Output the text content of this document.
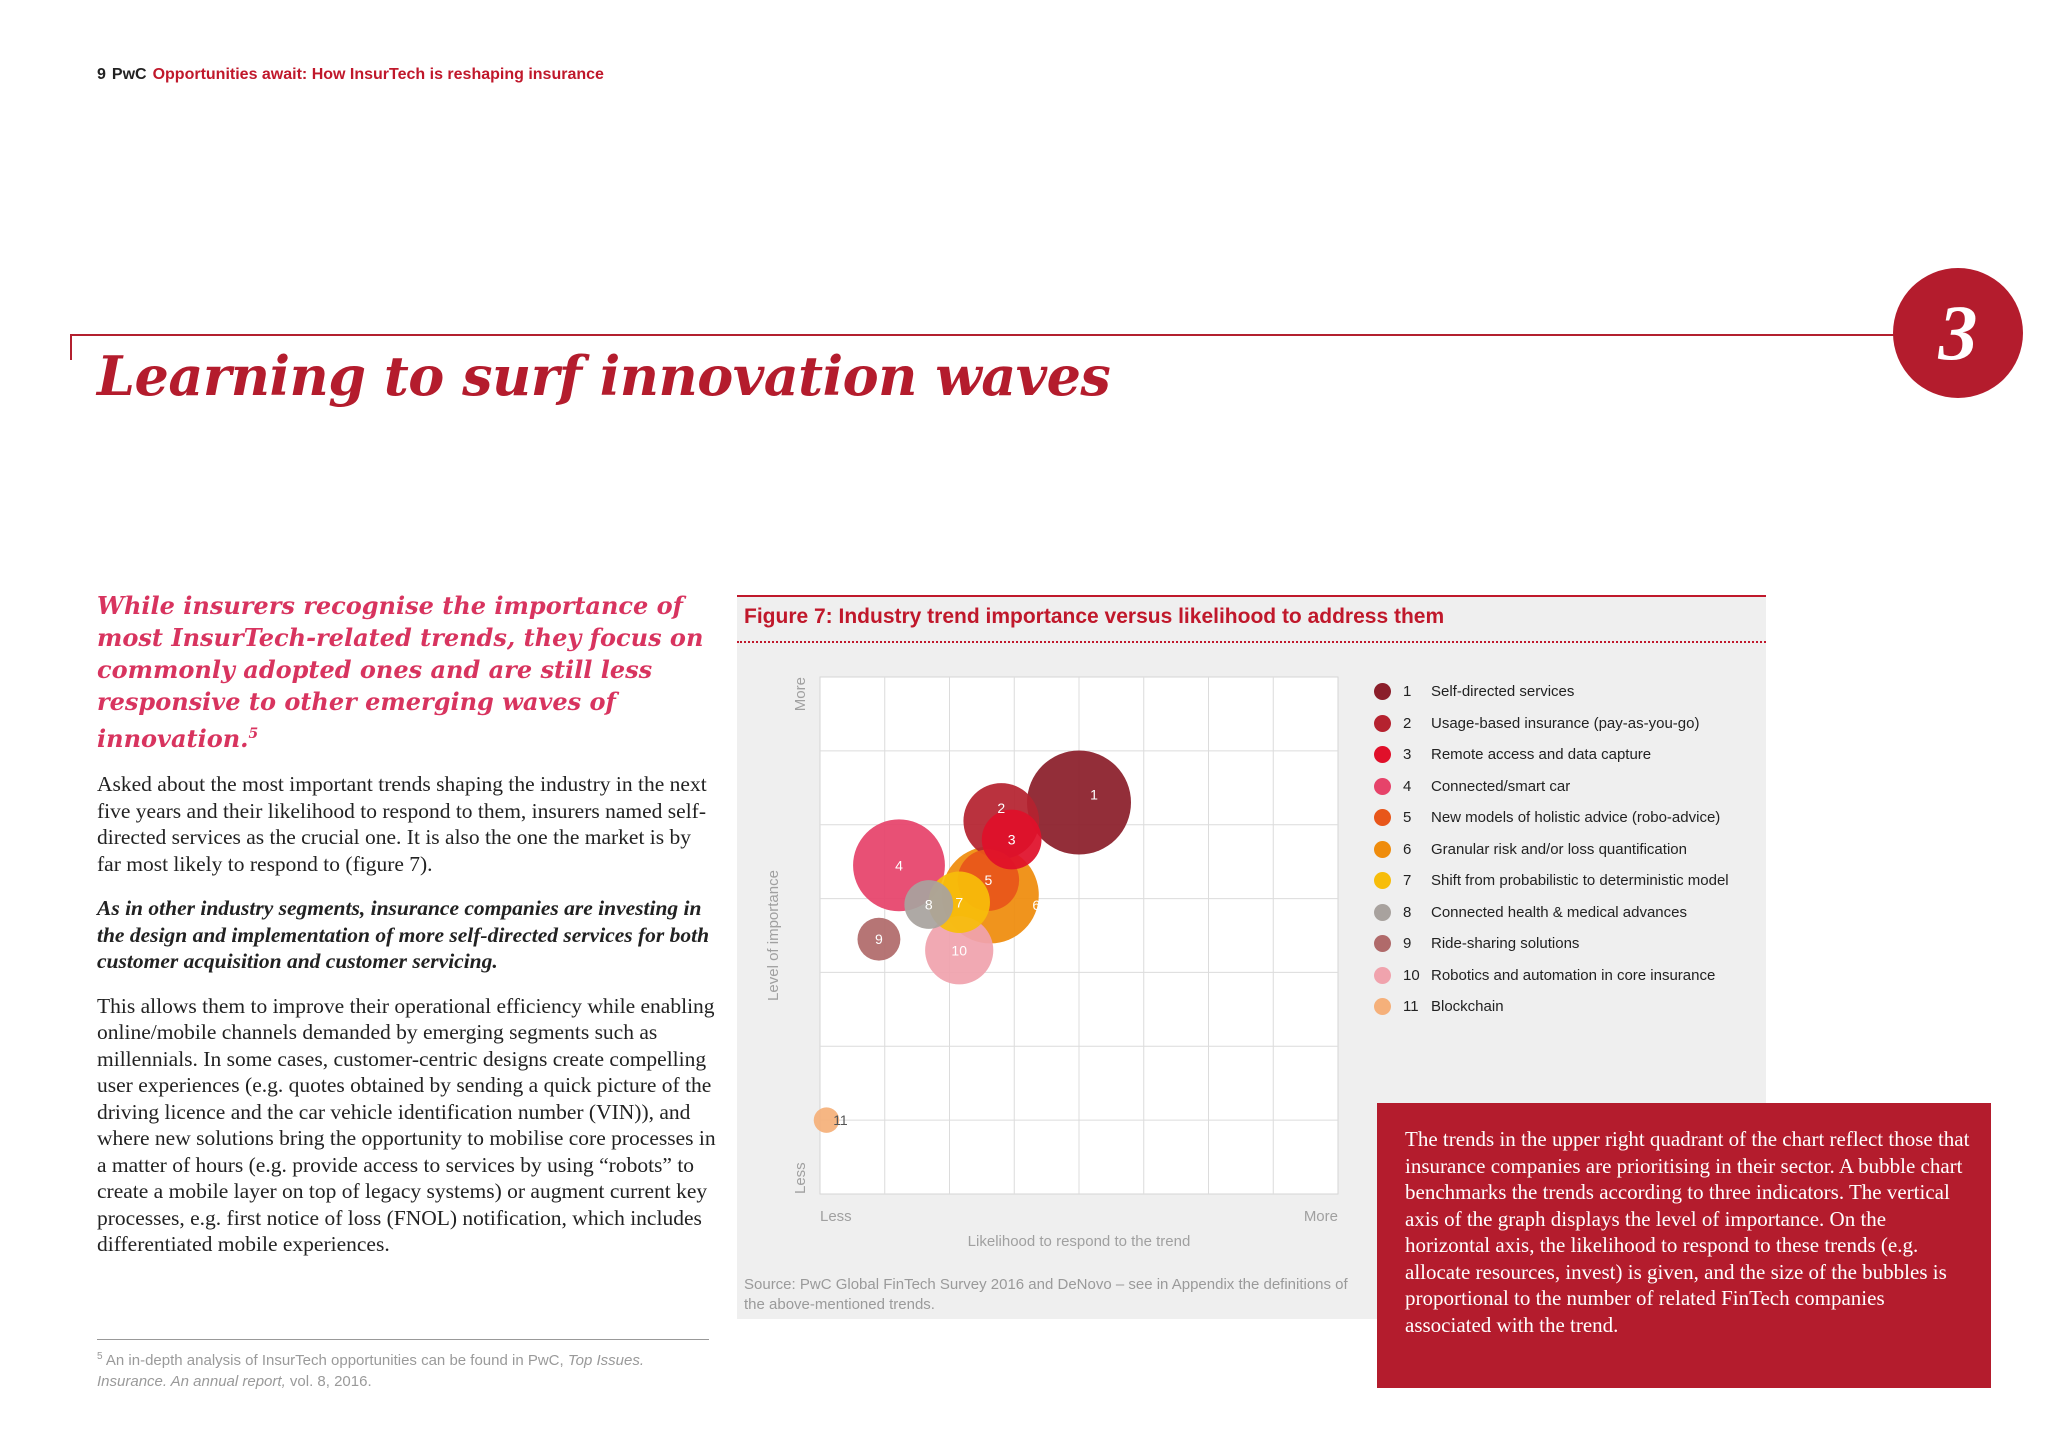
9 PwC Opportunities await: How InsurTech is reshaping insurance
3
Learning to surf innovation waves

While insurers recognise the importance of most InsurTech-related trends, they focus on commonly adopted ones and are still less responsive to other emerging waves of innovation.$^5$

Asked about the most important trends shaping the industry in the next five years and their likelihood to respond to them, insurers named self-directed services as the crucial one. It is also the one the market is by far most likely to respond to (figure 7).

As in other industry segments, insurance companies are investing in the design and implementation of more self-directed services for both customer acquisition and customer servicing.

This allows them to improve their operational efficiency while enabling online/mobile channels demanded by emerging segments such as millennials. In some cases, customer-centric designs create compelling user experiences (e.g. quotes obtained by sending a quick picture of the driving licence and the car vehicle identification number (VIN)), and where new solutions bring the opportunity to mobilise core processes in a matter of hours (e.g. provide access to services by using “robots” to create a mobile layer on top of legacy systems) or augment current key processes, e.g. first notice of loss (FNOL) notification, which includes differentiated mobile experiences.

$^5$ An in-depth analysis of InsurTech opportunities can be found in PwC, Top Issues. Insurance. An annual report, vol. 8, 2016.
Figure 7: Industry trend importance versus likelihood to address them
1
2
3
4
5
6
7
8
9
10
11
Less	More
Likelihood to respond to the trend
More
Less
Level of importance
1	Self-directed services
2	Usage-based insurance (pay-as-you-go)
3	Remote access and data capture
4	Connected/smart car
5	New models of holistic advice (robo-advice)
6	Granular risk and/or loss quantification
7	Shift from probabilistic to deterministic model
8	Connected health & medical advances
9	Ride-sharing solutions
10 Robotics and automation in core insurance
11 Blockchain
Source: PwC Global FinTech Survey 2016 and DeNovo – see in Appendix the definitions of the above-mentioned trends.
The trends in the upper right quadrant of the chart reflect those that insurance companies are prioritising in their sector. A bubble chart benchmarks the trends according to three indicators. The vertical axis of the graph displays the level of importance. On the horizontal axis, the likelihood to respond to these trends (e.g. allocate resources, invest) is given, and the size of the bubbles is proportional to the number of related FinTech companies associated with the trend.
